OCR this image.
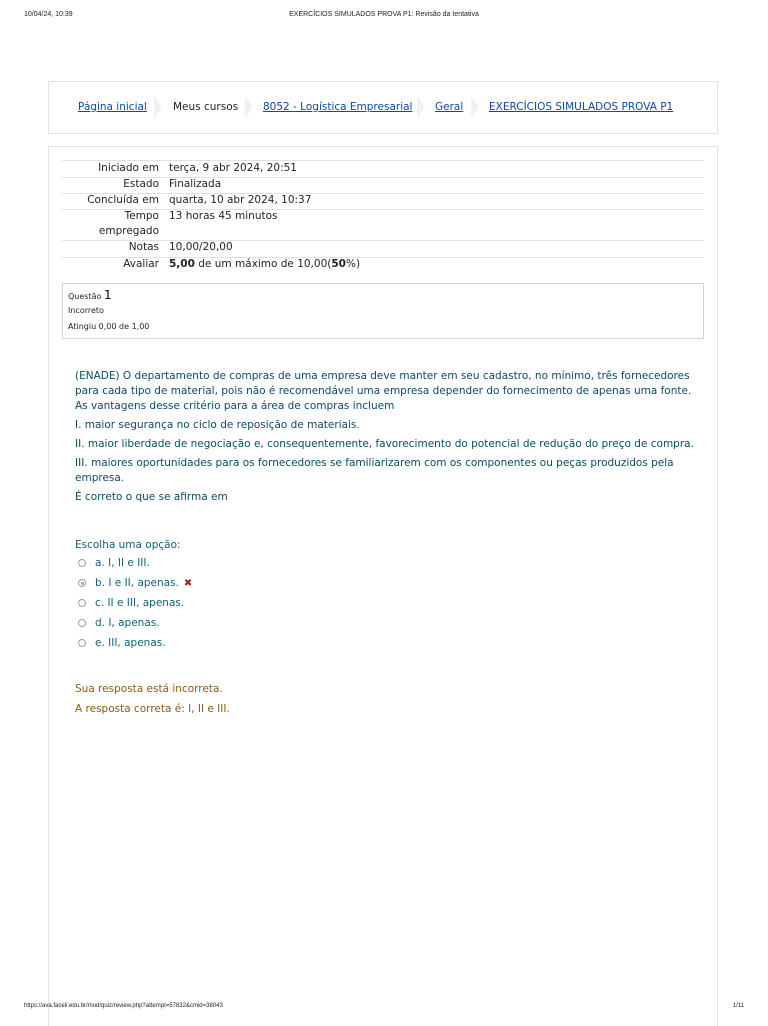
10/04/24, 10:39	EXERCÍCIOS SIMULADOS PROVA P1: Revisão da tentativa
Página inicial Meus cursos 8052 - Logística Empresarial Geral EXERCÍCIOS SIMULADOS PROVA P1
Iniciado em terça, 9 abr 2024, 20:51
Estado Finalizada
Concluída em quarta, 10 abr 2024, 10:37
Tempo
empregado
13 horas 45 minutos
Notas 10,00/20,00
Avaliar 5,00 de um máximo de 10,00(50%)
Questão 1
Incorreto
Atingiu 0,00 de 1,00
(ENADE) O departamento de compras de uma empresa deve manter em seu cadastro, no mínimo, três fornecedores para cada tipo de material, pois não é recomendável uma empresa depender do fornecimento de apenas uma fonte. As vantagens desse critério para a área de compras incluem
I. maior segurança no ciclo de reposição de materiais.
II. maior liberdade de negociação e, consequentemente, favorecimento do potencial de redução do preço de compra.
III. maiores oportunidades para os fornecedores se familiarizarem com os componentes ou peças produzidos pela empresa.
É correto o que se afirma em
Escolha uma opção:
a. I, II e III.
b. I e II, apenas. ✖
c. II e III, apenas.
d. I, apenas.
e. III, apenas.
Sua resposta está incorreta.
A resposta correta é: I, II e III.
https://ava.faceli.edu.br/mod/quiz/review.php?attempt=57832&cmid=38043	1/11
